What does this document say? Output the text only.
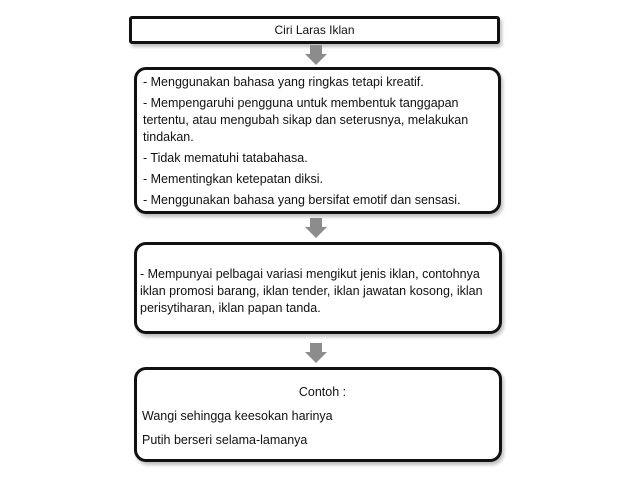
Ciri Laras Iklan

- Menggunakan bahasa yang ringkas tetapi kreatif.

- Mempengaruhi pengguna untuk membentuk tanggapan tertentu, atau mengubah sikap dan seterusnya, melakukan tindakan.

- Tidak mematuhi tatabahasa.

- Mementingkan ketepatan diksi.

- Menggunakan bahasa yang bersifat emotif dan sensasi.

- Mempunyai pelbagai variasi mengikut jenis iklan, contohnya iklan promosi barang, iklan tender, iklan jawatan kosong, iklan perisytiharan, iklan papan tanda.
Contoh :
Wangi sehingga keesokan harinya
Putih berseri selama-lamanya
